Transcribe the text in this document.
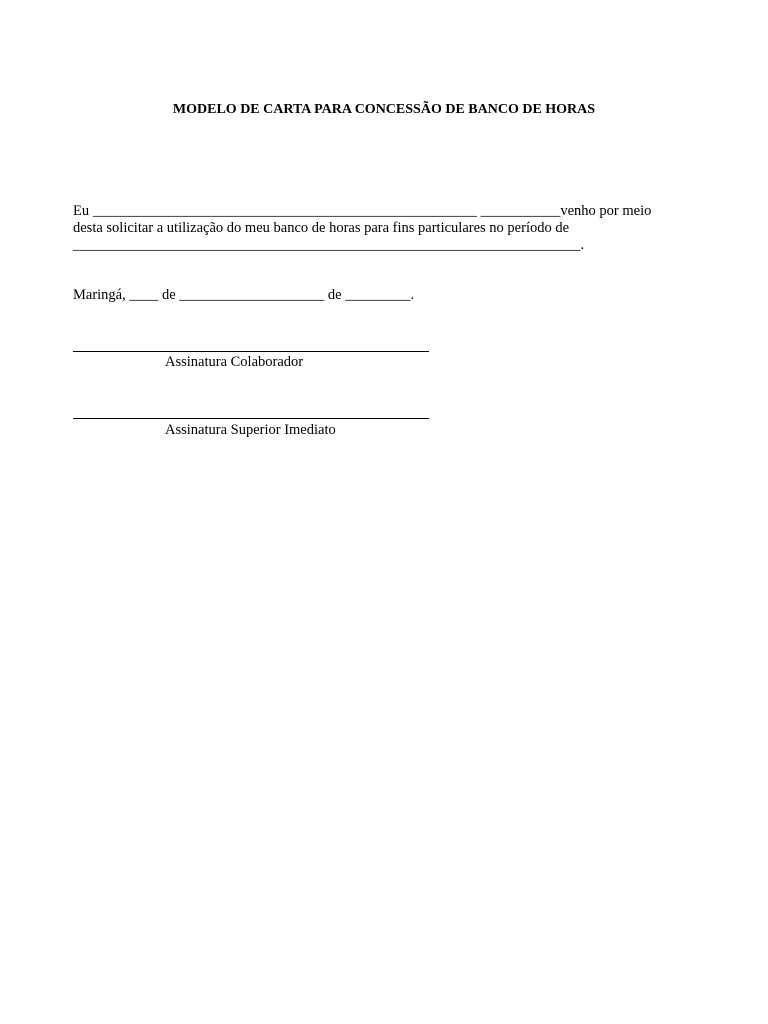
MODELO DE CARTA PARA CONCESSÃO DE BANCO DE HORAS
Eu _____________________________________________________ ___________venho por meio
desta solicitar a utilização do meu banco de horas para fins particulares no período de
______________________________________________________________________.
Maringá, ____ de ____________________ de _________.
Assinatura Colaborador
Assinatura Superior Imediato
